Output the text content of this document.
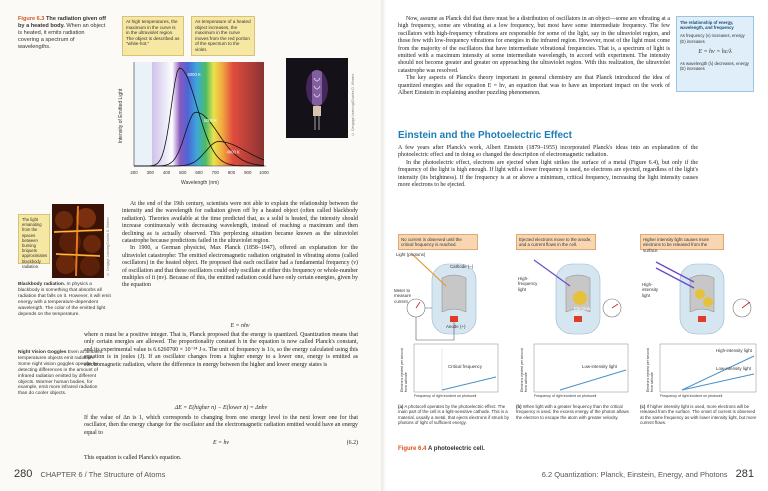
Figure 6.3 The radiation given off by a heated body. When an object is heated, it emits radiation covering a spectrum of wavelengths.
At high temperatures, the maximum in the curve is in the ultraviolet region. The object is described as "white-hot."
As temperature of a heated object increases, the maximum in the curve moves from the red portion of the spectrum to the violet.
6000 K
5000 K
4000 K
200 300 400 500 600 700 800 900 1000
Intensity of Emitted Light
Wavelength (nm)
© Cengage Learning/Charles D. Winters
The light emanating from the spaces between burning briquets approximates blackbody radiation.	© Cengage Learning/Charles D. Winters
Blackbody radiation. In physics a blackbody is something that absorbs all radiation that falls on it. However, it will emit energy with a temperature-dependent wavelength. The color of the emitted light depends on the temperature.
Night Vision Goggles Even at ambient temperatures objects emit radiation. Some night vision goggles operate by detecting differences in the amount of infrared radiation emitted by different objects. Warmer human bodies, for example, emit more infrared radiation than do cooler objects.

At the end of the 19th century, scientists were not able to explain the relationship between the intensity and the wavelength for radiation given off by a heated object (often called blackbody radiation). Theories available at the time predicted that, as a solid is heated, the intensity should increase continuously with decreasing wavelength, instead of reaching a maximum and then declining as is actually observed. This perplexing situation became known as the ultraviolet catastrophe because predictions failed in the ultraviolet region.

In 1900, a German physicist, Max Planck (1858–1947), offered an explanation for the ultraviolet catastrophe: The emitted electromagnetic radiation originated in vibrating atoms (called oscillators) in the heated object. He proposed that each oscillator had a fundamental frequency (ν) of oscillation and that these oscillators could only oscillate at either this frequency or whole-number multiples of it (nν). Because of this, the emitted radiation could have only certain energies, given by the equation

E = nhν

where n must be a positive integer. That is, Planck proposed that the energy is quantized. Quantization means that only certain energies are allowed. The proportionality constant h in the equation is now called Planck's constant, and its experimental value is 6.6260700 × 10⁻³⁴ J·s. The unit of frequency is 1/s, so the energy calculated using this equation is in joules (J). If an oscillator changes from a higher energy to a lower one, energy is emitted as electromagnetic radiation, where the difference in energy between the higher and lower energy states is

ΔE = E(higher n) − E(lower n) = Δnhν

If the value of Δn is 1, which corresponds to changing from one energy level to the next lower one for that oscillator, then the energy change for the oscillator and the electromagnetic radiation emitted would have an energy equal to

E = hν	(6.2)

This equation is called Planck's equation.

280 CHAPTER 6 / The Structure of Atoms

Now, assume as Planck did that there must be a distribution of oscillators in an object—some are vibrating at a high frequency, some are vibrating at a low frequency, but most have some intermediate frequency. The few oscillators with high-frequency vibrations are responsible for some of the light, say in the ultraviolet region, and those few with low-frequency vibrations for energies in the infrared region. However, most of the light must come from the majority of the oscillators that have intermediate vibrational frequencies. That is, a spectrum of light is emitted with a maximum intensity at some intermediate wavelength, in accord with experiment. The intensity should not become greater and greater on approaching the ultraviolet region. With this realization, the ultraviolet catastrophe was resolved.

The key aspects of Planck's theory important in general chemistry are that Planck introduced the idea of quantized energies and the equation E = hν, an equation that was to have an important impact on the work of Albert Einstein in explaining another puzzling phenomenon.

The relationship of energy, wavelength, and frequency
As frequency (ν) increases, energy (E) increases
E = hν = hc/λ
As wavelength (λ) decreases, energy (E) increases
Einstein and the Photoelectric Effect

A few years after Planck's work, Albert Einstein (1879–1955) incorporated Planck's ideas into an explanation of the photoelectric effect and in doing so changed the description of electromagnetic radiation.

In the photoelectric effect, electrons are ejected when light strikes the surface of a metal (Figure 6.4), but only if the frequency of the light is high enough. If light with a lower frequency is used, no electrons are ejected, regardless of the light's intensity (its brightness). If the frequency is at or above a minimum, critical frequency, increasing the light intensity causes more electrons to be ejected.

No current is observed until the critical frequency is reached.
Ejected electrons move to the anode, and a current flows in the cell.
Higher intensity light causes more electrons to be released from the surface.
Light (photons)
Cathode (−)
Meter to measure current
Anode (+)
Critical frequency
Electrons ejected per second from cathode
Frequency of light incident on photocell
High-frequency light
Electron (e⁻)
Low-intensity light
Electrons ejected per second from cathode
Frequency of light incident on photocell
High-intensity light
High-intensity light
Low-intensity light
Electrons ejected per second from cathode
Frequency of light incident on photocell
(a) A photocell operates by the photoelectric effect. The main part of the cell is a light-sensitive cathode. This is a material, usually a metal, that ejects electrons if struck by photons of light of sufficient energy.
(b) When light with a greater frequency than the critical frequency is used, the excess energy of the photon allows the electron to escape the atom with greater velocity.
(c) If higher intensity light is used, more electrons will be released from the surface. The onset of current is observed at the same frequency as with lower intensity light, but more current flows.
Figure 6.4 A photoelectric cell.
6.2 Quantization: Planck, Einstein, Energy, and Photons 281
